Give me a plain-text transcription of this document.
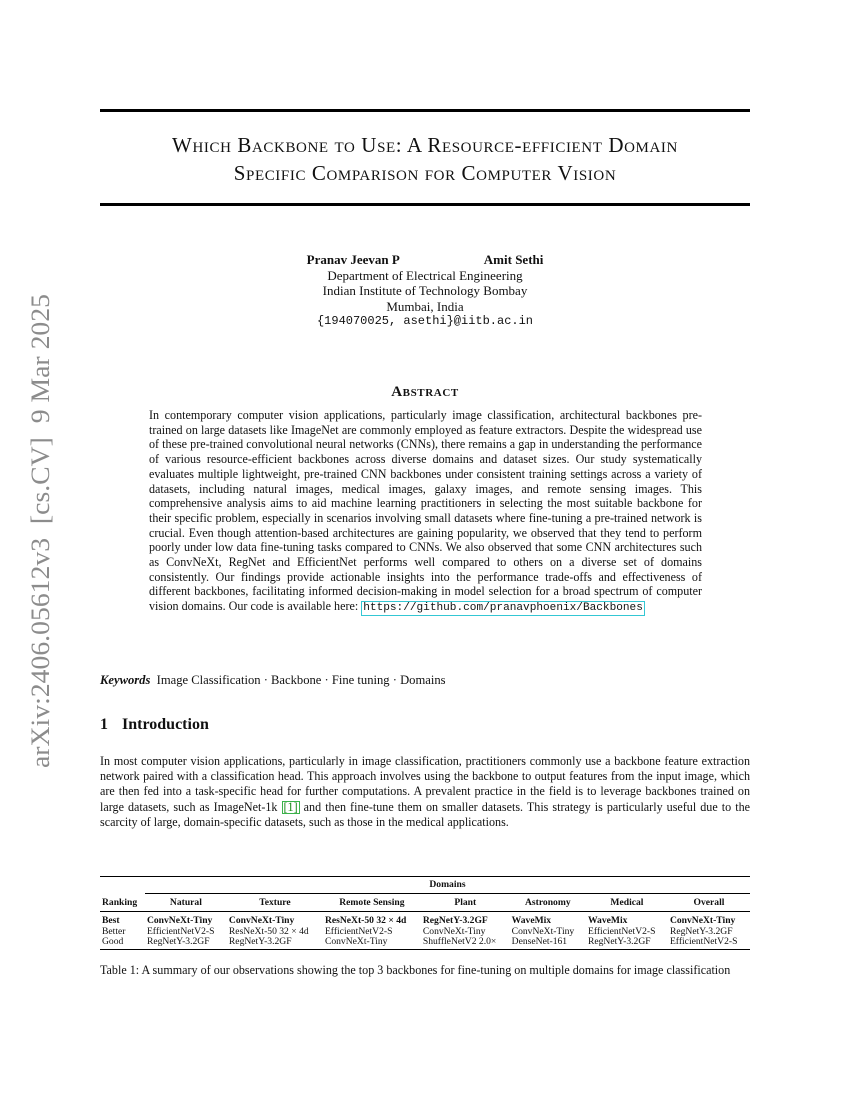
arXiv:2406.05612v3  [cs.CV]  9 Mar 2025
Which Backbone to Use: A Resource-efficient Domain
Specific Comparison for Computer Vision
Pranav Jeevan P	Amit Sethi
Department of Electrical Engineering
Indian Institute of Technology Bombay
Mumbai, India
{194070025, asethi}@iitb.ac.in
Abstract
In contemporary computer vision applications, particularly image classification, architectural backbones pre-trained on large datasets like ImageNet are commonly employed as feature extractors. Despite the widespread use of these pre-trained convolutional neural networks (CNNs), there remains a gap in understanding the performance of various resource-efficient backbones across diverse domains and dataset sizes. Our study systematically evaluates multiple lightweight, pre-trained CNN backbones under consistent training settings across a variety of datasets, including natural images, medical images, galaxy images, and remote sensing images. This comprehensive analysis aims to aid machine learning practitioners in selecting the most suitable backbone for their specific problem, especially in scenarios involving small datasets where fine-tuning a pre-trained network is crucial. Even though attention-based architectures are gaining popularity, we observed that they tend to perform poorly under low data fine-tuning tasks compared to CNNs. We also observed that some CNN architectures such as ConvNeXt, RegNet and EfficientNet performs well compared to others on a diverse set of domains consistently. Our findings provide actionable insights into the performance trade-offs and effectiveness of different backbones, facilitating informed decision-making in model selection for a broad spectrum of computer vision domains. Our code is available here: https://github.com/pranavphoenix/Backbones
Keywords Image Classification · Backbone · Fine tuning · Domains
1 Introduction
In most computer vision applications, particularly in image classification, practitioners commonly use a backbone feature extraction network paired with a classification head. This approach involves using the backbone to output features from the input image, which are then fed into a task-specific head for further computations. A prevalent practice in the field is to leverage backbones trained on large datasets, such as ImageNet-1k [1] and then fine-tune them on smaller datasets. This strategy is particularly useful due to the scarcity of large, domain-specific datasets, such as those in the medical applications.
	Domains						
Ranking	Natural	Texture	Remote Sensing	Plant	Astronomy	Medical	Overall
Best	ConvNeXt-Tiny	ConvNeXt-Tiny	ResNeXt-50 32 × 4d	RegNetY-3.2GF	WaveMix	WaveMix	ConvNeXt-Tiny
Better	EfficientNetV2-S	ResNeXt-50 32 × 4d	EfficientNetV2-S	ConvNeXt-Tiny	ConvNeXt-Tiny	EfficientNetV2-S	RegNetY-3.2GF
Good	RegNetY-3.2GF	RegNetY-3.2GF	ConvNeXt-Tiny	ShuffleNetV2 2.0×	DenseNet-161	RegNetY-3.2GF	EfficientNetV2-S
Table 1: A summary of our observations showing the top 3 backbones for fine-tuning on multiple domains for image classification
